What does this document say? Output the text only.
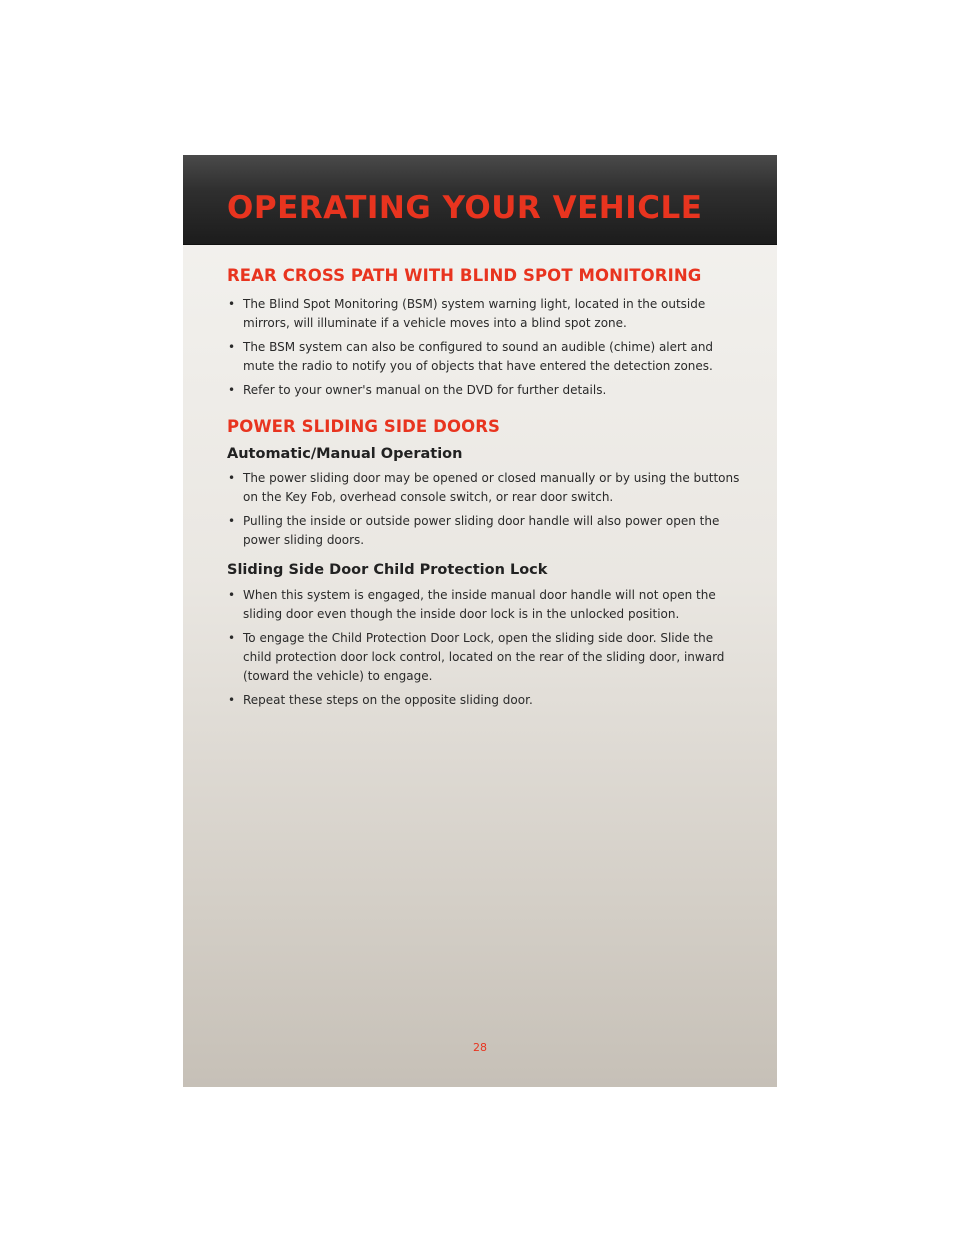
OPERATING YOUR VEHICLE
REAR CROSS PATH WITH BLIND SPOT MONITORING
• The Blind Spot Monitoring (BSM) system warning light, located in the outside mirrors, will illuminate if a vehicle moves into a blind spot zone.
• The BSM system can also be configured to sound an audible (chime) alert and mute the radio to notify you of objects that have entered the detection zones.
• Refer to your owner's manual on the DVD for further details.
POWER SLIDING SIDE DOORS
Automatic/Manual Operation
• The power sliding door may be opened or closed manually or by using the buttons on the Key Fob, overhead console switch, or rear door switch.
• Pulling the inside or outside power sliding door handle will also power open the power sliding doors.
Sliding Side Door Child Protection Lock
• When this system is engaged, the inside manual door handle will not open the sliding door even though the inside door lock is in the unlocked position.
• To engage the Child Protection Door Lock, open the sliding side door. Slide the child protection door lock control, located on the rear of the sliding door, inward (toward the vehicle) to engage.
• Repeat these steps on the opposite sliding door.
28
